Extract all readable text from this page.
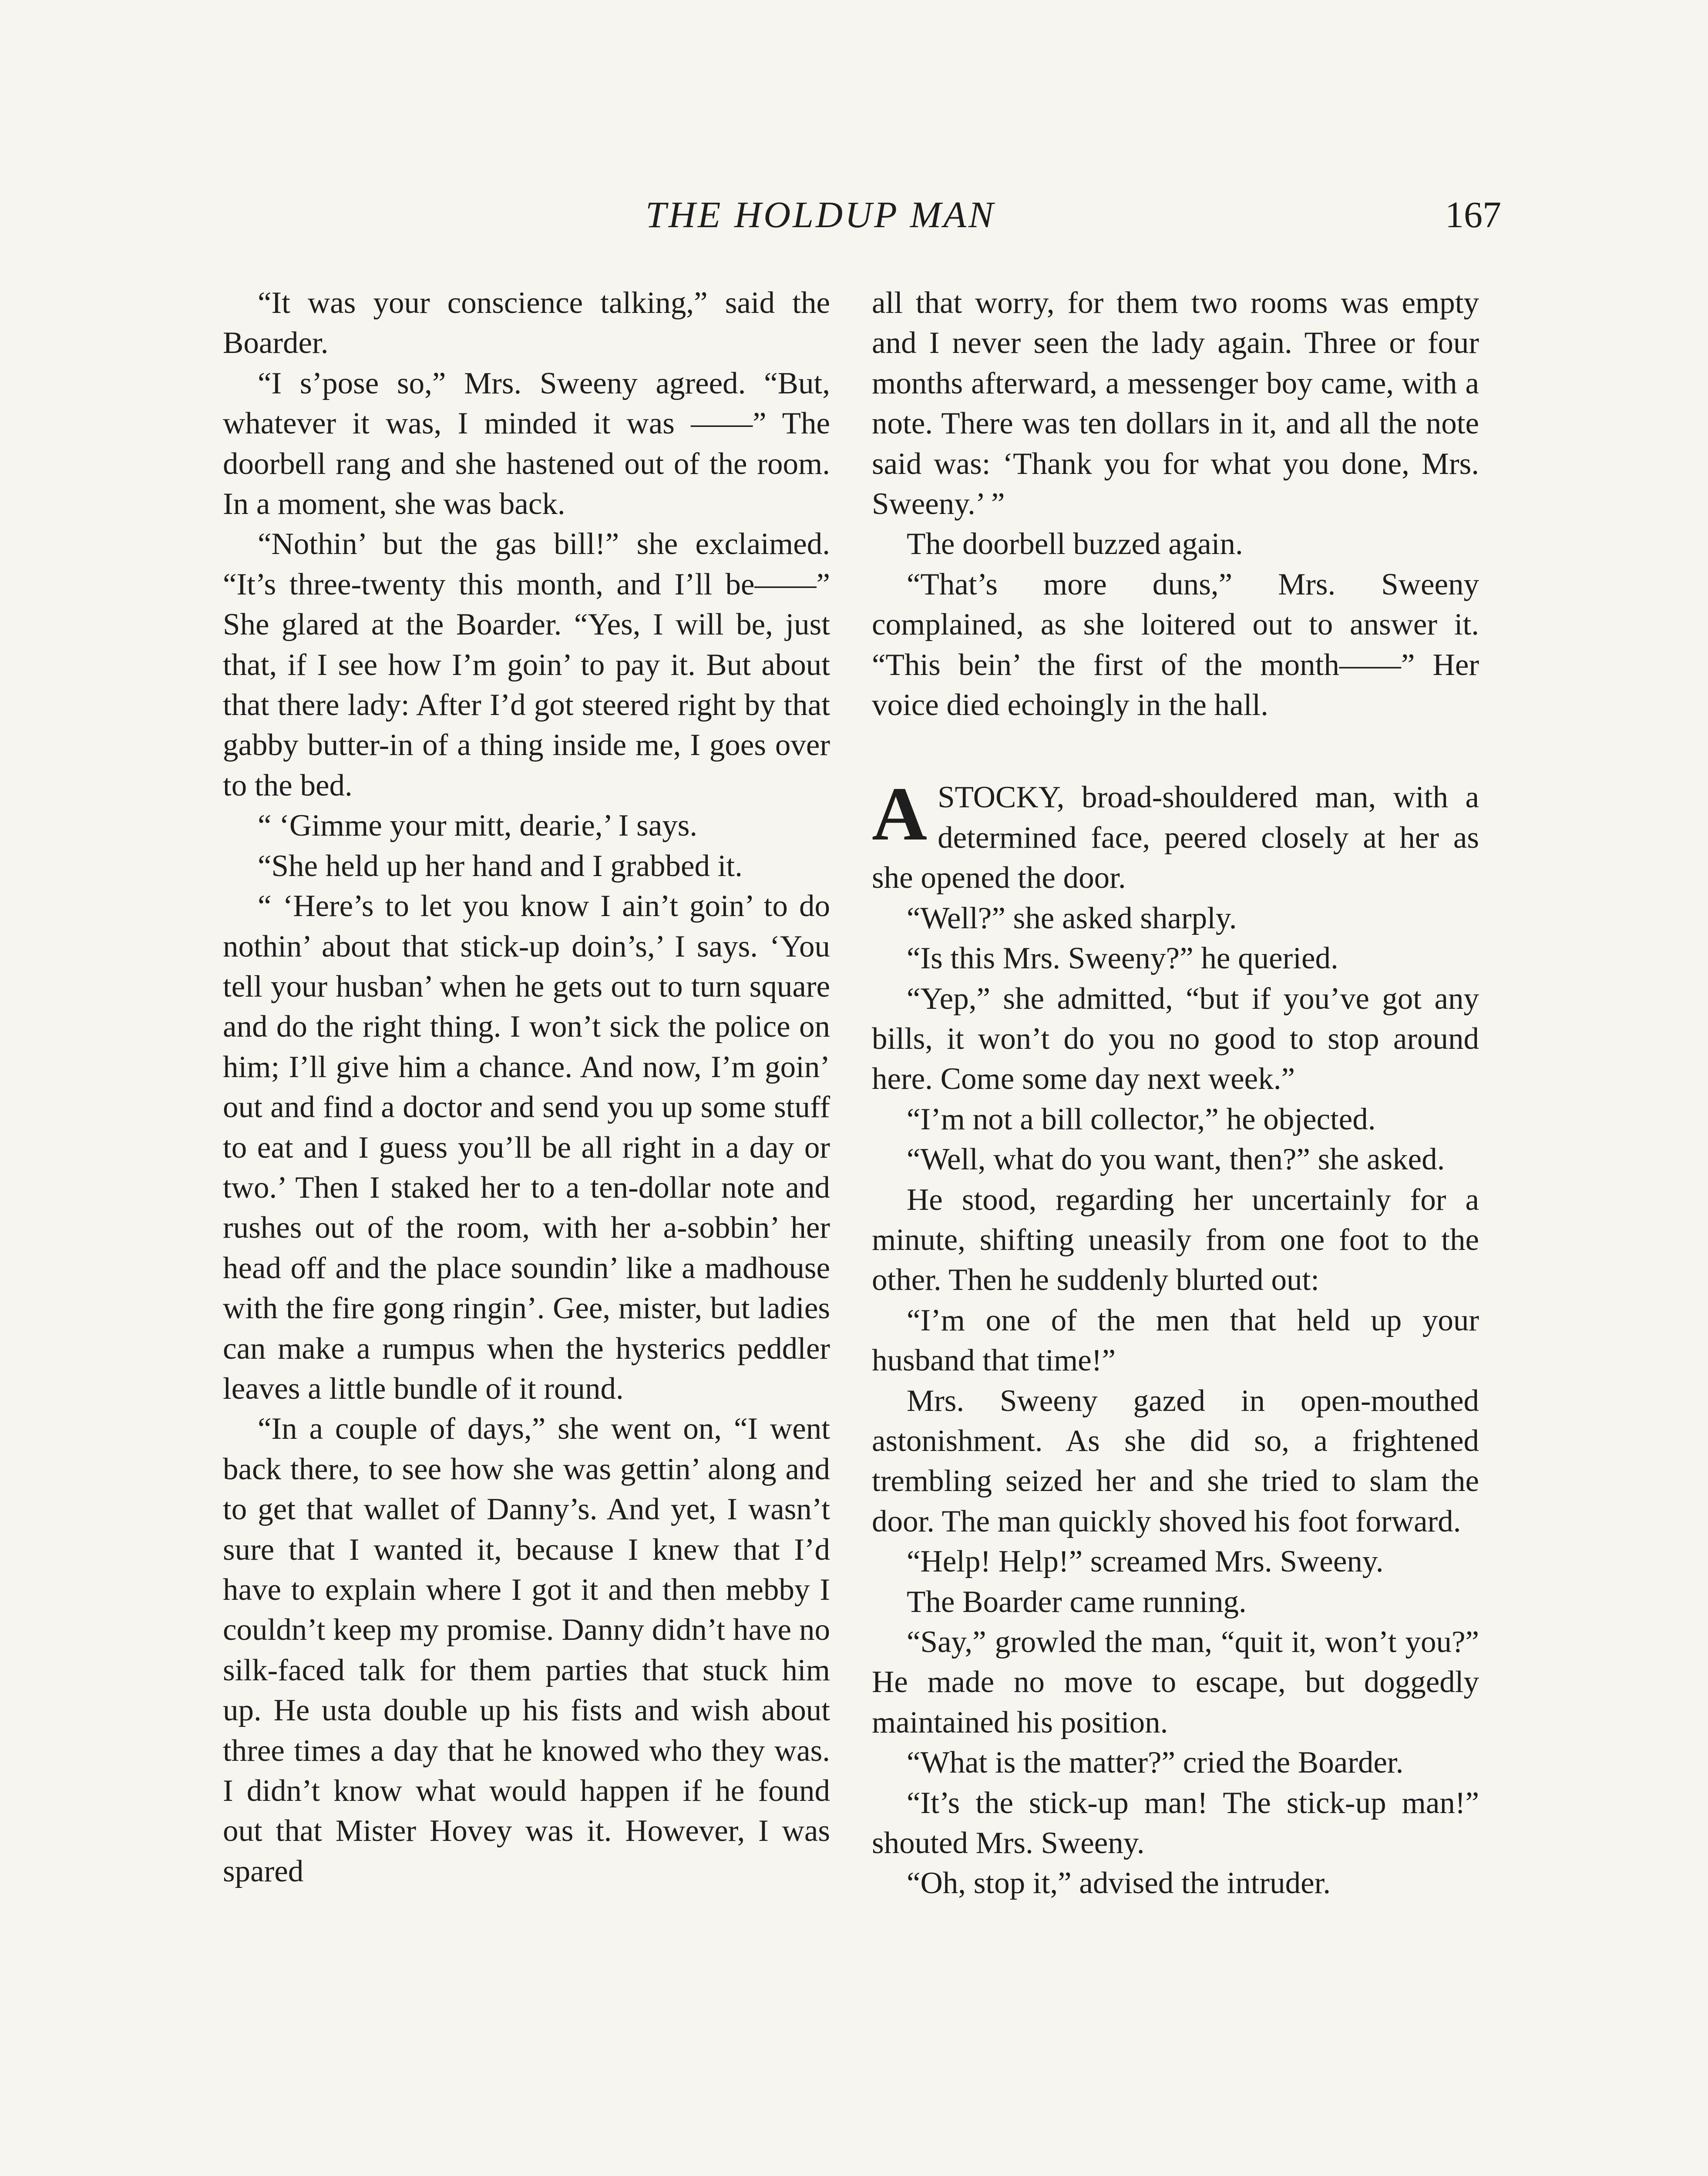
THE HOLDUP MAN	167

“It was your conscience talking,” said the Boarder.

“I s’pose so,” Mrs. Sweeny agreed. “But, whatever it was, I minded it was ——” The doorbell rang and she hastened out of the room. In a moment, she was back.

“Nothin’ but the gas bill!” she exclaimed. “It’s three-twenty this month, and I’ll be——” She glared at the Boarder. “Yes, I will be, just that, if I see how I’m goin’ to pay it. But about that there lady: After I’d got steered right by that gabby butter-in of a thing inside me, I goes over to the bed.

“ ‘Gimme your mitt, dearie,’ I says.

“She held up her hand and I grabbed it.

“ ‘Here’s to let you know I ain’t goin’ to do nothin’ about that stick-up doin’s,’ I says. ‘You tell your husban’ when he gets out to turn square and do the right thing. I won’t sick the police on him; I’ll give him a chance. And now, I’m goin’ out and find a doctor and send you up some stuff to eat and I guess you’ll be all right in a day or two.’ Then I staked her to a ten-dollar note and rushes out of the room, with her a-sobbin’ her head off and the place soundin’ like a madhouse with the fire gong ringin’. Gee, mister, but ladies can make a rumpus when the hysterics peddler leaves a little bundle of it round.

“In a couple of days,” she went on, “I went back there, to see how she was gettin’ along and to get that wallet of Danny’s. And yet, I wasn’t sure that I wanted it, because I knew that I’d have to explain where I got it and then mebby I couldn’t keep my promise. Danny didn’t have no silk-faced talk for them parties that stuck him up. He usta double up his fists and wish about three times a day that he knowed who they was. I didn’t know what would happen if he found out that Mister Hovey was it. However, I was spared

all that worry, for them two rooms was empty and I never seen the lady again. Three or four months afterward, a messenger boy came, with a note. There was ten dollars in it, and all the note said was: ‘Thank you for what you done, Mrs. Sweeny.’ ”

The doorbell buzzed again.

“That’s more duns,” Mrs. Sweeny complained, as she loitered out to answer it. “This bein’ the first of the month——” Her voice died echoingly in the hall.

ASTOCKY, broad-shouldered man, with a determined face, peered closely at her as she opened the door.

“Well?” she asked sharply.

“Is this Mrs. Sweeny?” he queried.

“Yep,” she admitted, “but if you’ve got any bills, it won’t do you no good to stop around here. Come some day next week.”

“I’m not a bill collector,” he objected.

“Well, what do you want, then?” she asked.

He stood, regarding her uncertainly for a minute, shifting uneasily from one foot to the other. Then he suddenly blurted out:

“I’m one of the men that held up your husband that time!”

Mrs. Sweeny gazed in open-mouthed astonishment. As she did so, a frightened trembling seized her and she tried to slam the door. The man quickly shoved his foot forward.

“Help! Help!” screamed Mrs. Sweeny.

The Boarder came running.

“Say,” growled the man, “quit it, won’t you?” He made no move to escape, but doggedly maintained his position.

“What is the matter?” cried the Boarder.

“It’s the stick-up man! The stick-up man!” shouted Mrs. Sweeny.

“Oh, stop it,” advised the intruder.
